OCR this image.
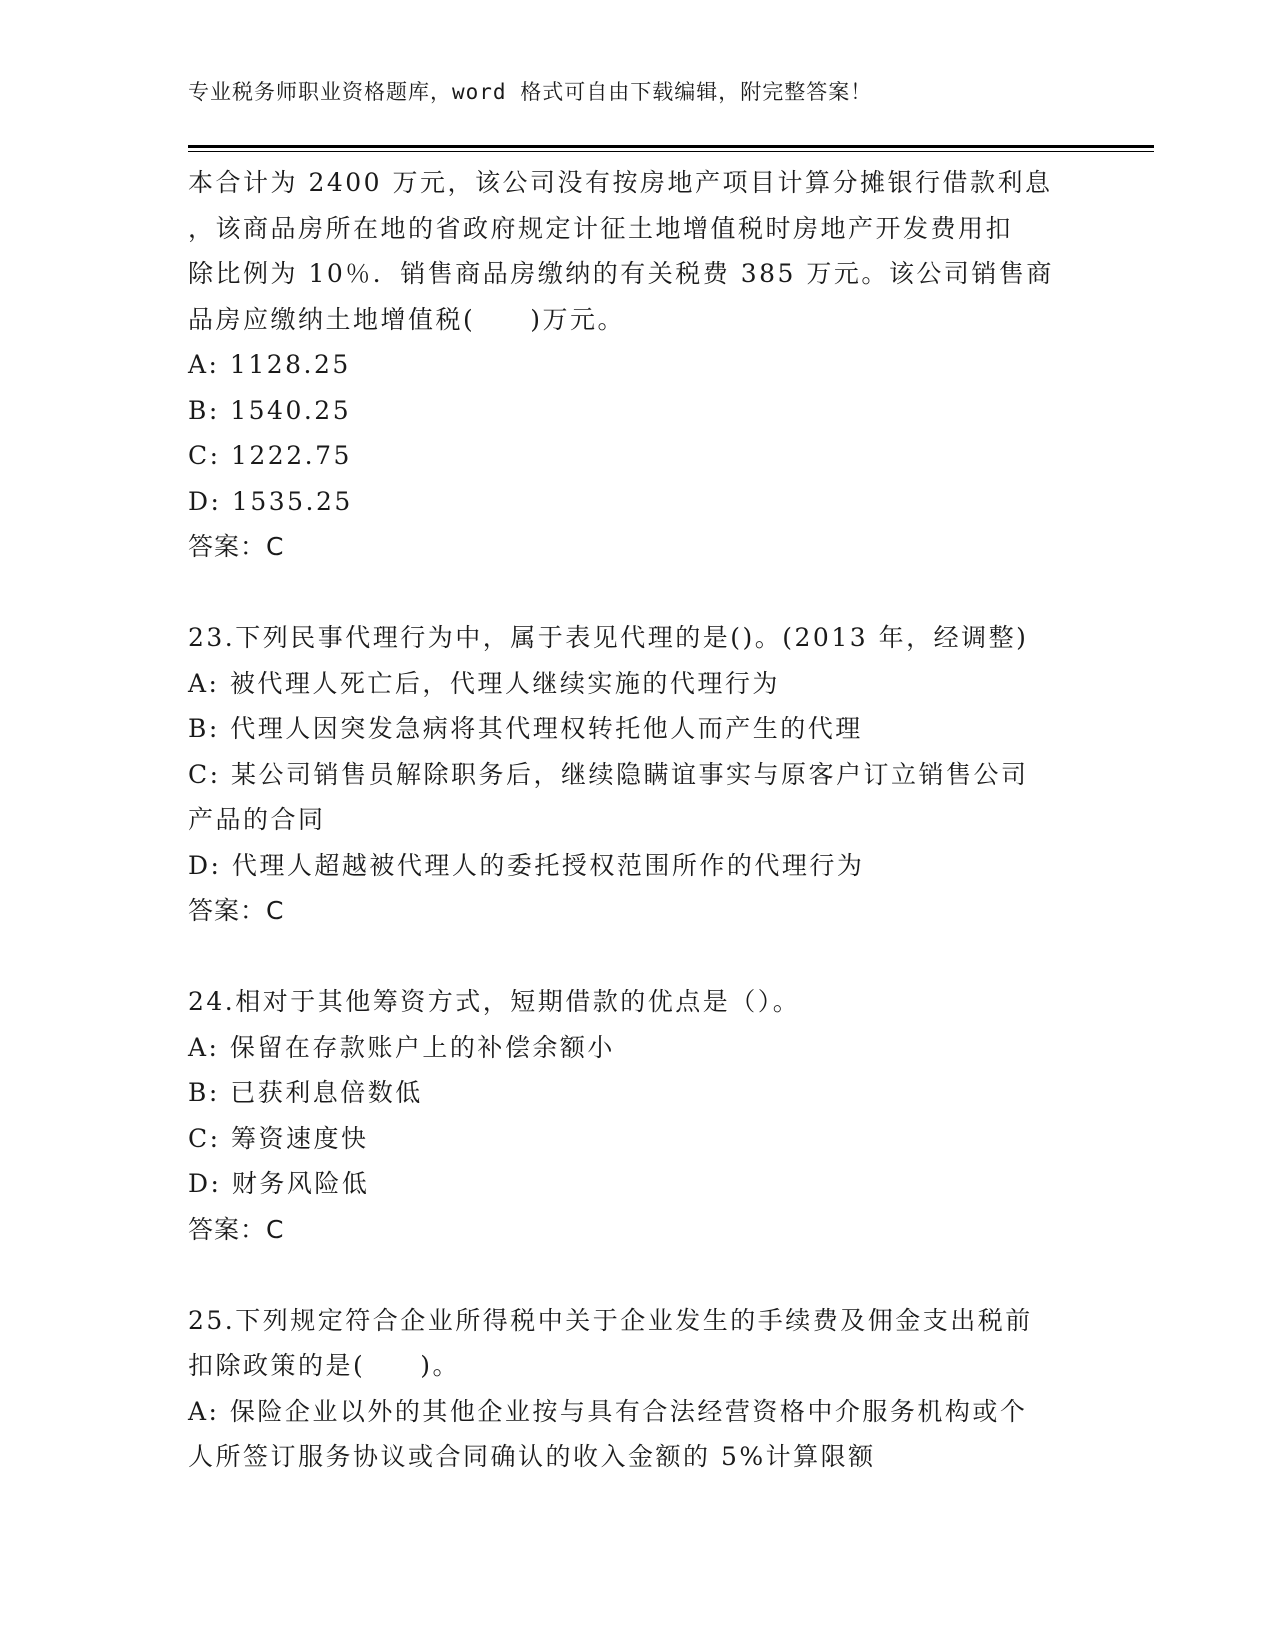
专业税务师职业资格题库，word 格式可自由下载编辑，附完整答案！
本合计为 2400 万元，该公司没有按房地产项目计算分摊银行借款利息
，该商品房所在地的省政府规定计征土地增值税时房地产开发费用扣
除比例为 10％．销售商品房缴纳的有关税费 385 万元。该公司销售商
品房应缴纳土地增值税(　　)万元。
A: 1128.25
B: 1540.25
C: 1222.75
D: 1535.25
答案：C
23.下列民事代理行为中，属于表见代理的是()。(2013 年，经调整)
A: 被代理人死亡后，代理人继续实施的代理行为
B: 代理人因突发急病将其代理权转托他人而产生的代理
C: 某公司销售员解除职务后，继续隐瞒谊事实与原客户订立销售公司
产品的合同
D: 代理人超越被代理人的委托授权范围所作的代理行为
答案：C
24.相对于其他筹资方式，短期借款的优点是（）。
A: 保留在存款账户上的补偿余额小
B: 已获利息倍数低
C: 筹资速度快
D: 财务风险低
答案：C
25.下列规定符合企业所得税中关于企业发生的手续费及佣金支出税前
扣除政策的是(　　)。
A: 保险企业以外的其他企业按与具有合法经营资格中介服务机构或个
人所签订服务协议或合同确认的收入金额的 5%计算限额
